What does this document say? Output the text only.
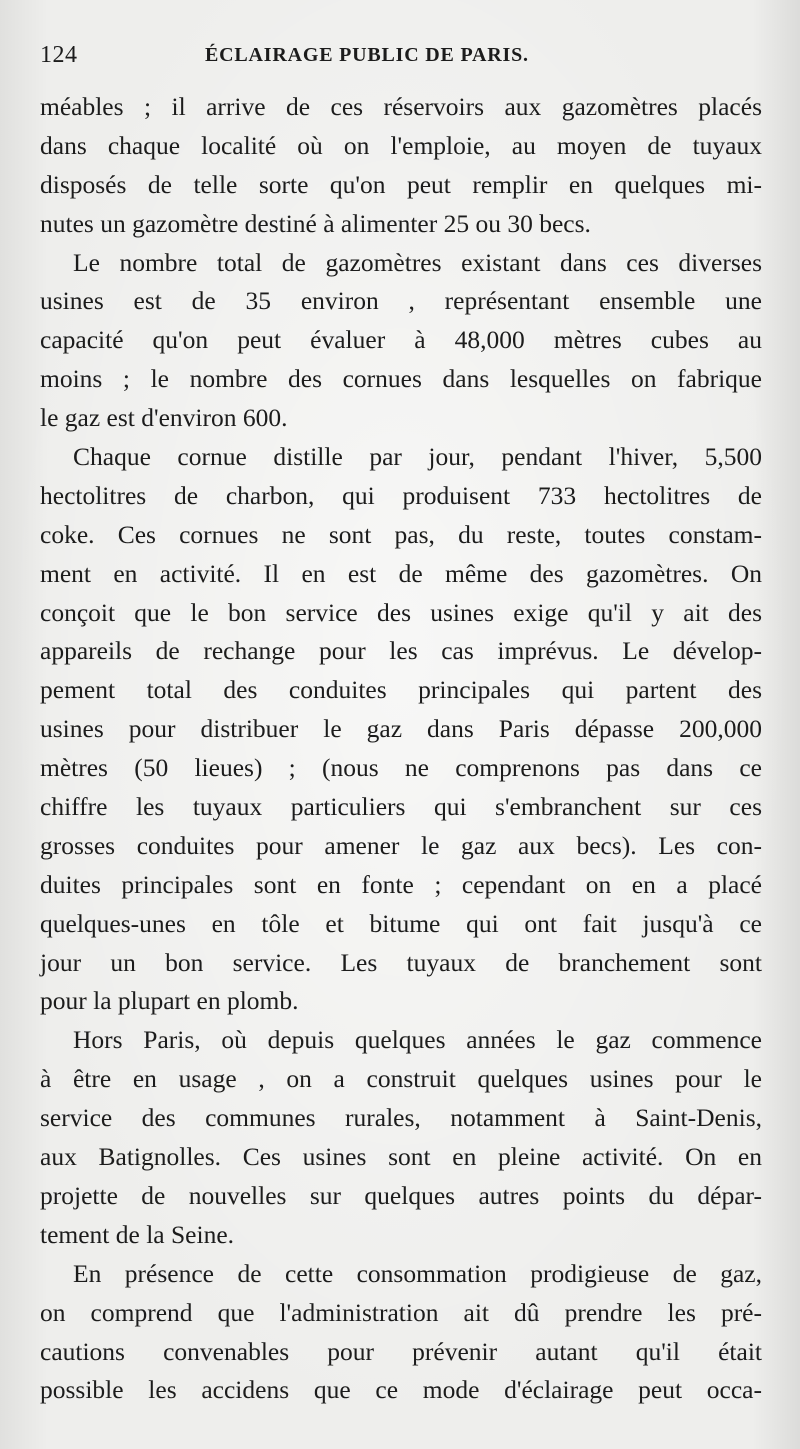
124	ÉCLAIRAGE PUBLIC DE PARIS.
méables ; il arrive de ces réservoirs aux gazomètres placés
dans chaque localité où on l'emploie, au moyen de tuyaux
disposés de telle sorte qu'on peut remplir en quelques mi-
nutes un gazomètre destiné à alimenter 25 ou 30 becs.
Le nombre total de gazomètres existant dans ces diverses
usines est de 35 environ , représentant ensemble une
capacité qu'on peut évaluer à 48,000 mètres cubes au
moins ; le nombre des cornues dans lesquelles on fabrique
le gaz est d'environ 600.
Chaque cornue distille par jour, pendant l'hiver, 5,500
hectolitres de charbon, qui produisent 733 hectolitres de
coke. Ces cornues ne sont pas, du reste, toutes constam-
ment en activité. Il en est de même des gazomètres. On
conçoit que le bon service des usines exige qu'il y ait des
appareils de rechange pour les cas imprévus. Le dévelop-
pement total des conduites principales qui partent des
usines pour distribuer le gaz dans Paris dépasse 200,000
mètres (50 lieues) ; (nous ne comprenons pas dans ce
chiffre les tuyaux particuliers qui s'embranchent sur ces
grosses conduites pour amener le gaz aux becs). Les con-
duites principales sont en fonte ; cependant on en a placé
quelques-unes en tôle et bitume qui ont fait jusqu'à ce
jour un bon service. Les tuyaux de branchement sont
pour la plupart en plomb.
Hors Paris, où depuis quelques années le gaz commence
à être en usage , on a construit quelques usines pour le
service des communes rurales, notamment à Saint-Denis,
aux Batignolles. Ces usines sont en pleine activité. On en
projette de nouvelles sur quelques autres points du dépar-
tement de la Seine.
En présence de cette consommation prodigieuse de gaz,
on comprend que l'administration ait dû prendre les pré-
cautions convenables pour prévenir autant qu'il était
possible les accidens que ce mode d'éclairage peut occa-
